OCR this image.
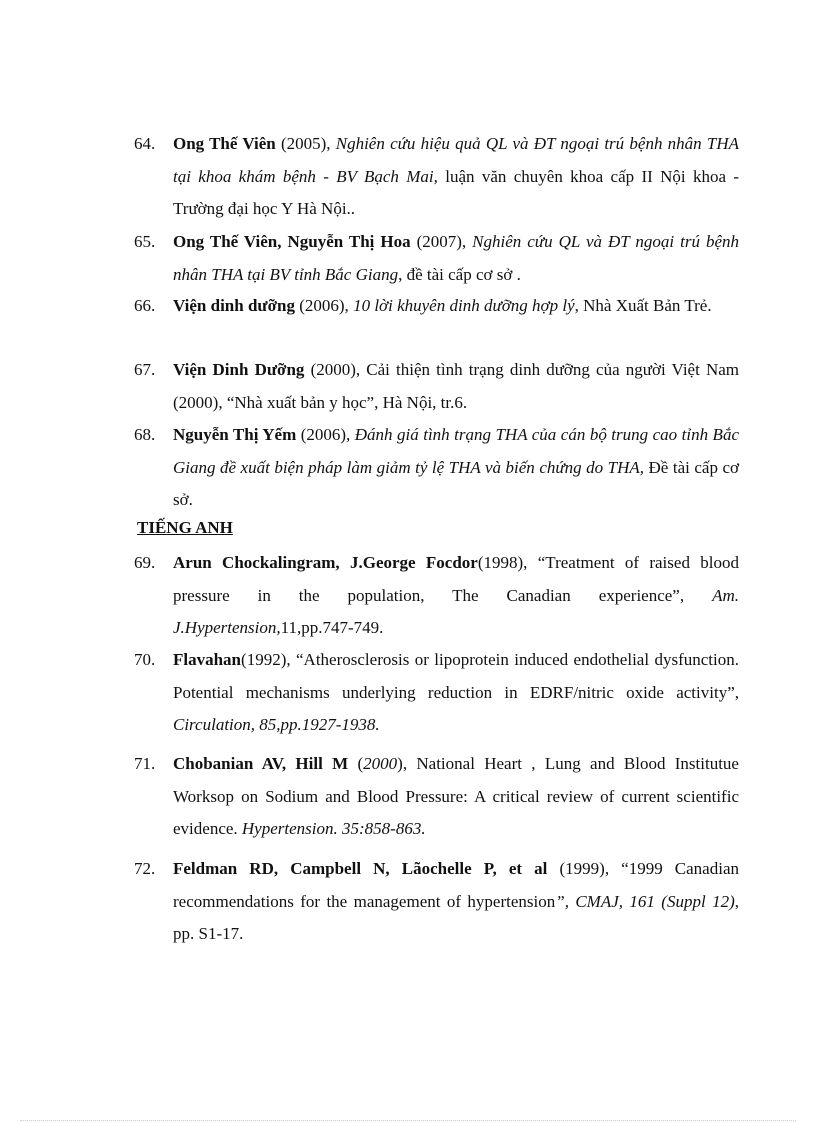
64.	Ong Thế Viên (2005), Nghiên cứu hiệu quả QL và ĐT ngoại trú bệnh nhân THA tại khoa khám bệnh - BV Bạch Mai, luận văn chuyên khoa cấp II Nội khoa - Trường đại học Y Hà Nội..
65.	Ong Thế Viên, Nguyễn Thị Hoa (2007), Nghiên cứu QL và ĐT ngoại trú bệnh nhân THA tại BV tỉnh Bắc Giang, đề tài cấp cơ sở .
66.	Viện dinh dưỡng (2006), 10 lời khuyên dinh dưỡng hợp lý, Nhà Xuất Bản Trẻ.
67.	Viện Dinh Dưỡng (2000), Cải thiện tình trạng dinh dưỡng của người Việt Nam (2000), “Nhà xuất bản y học”, Hà Nội, tr.6.
68.	Nguyễn Thị Yếm (2006), Đánh giá tình trạng THA của cán bộ trung cao tỉnh Bắc Giang đề xuất biện pháp làm giảm tỷ lệ THA và biến chứng do THA, Đề tài cấp cơ sở.
TIẾNG ANH
69.	Arun Chockalingram, J.George Focdor(1998), “Treatment of raised blood pressure in the population, The Canadian experience”, Am. J.Hypertension,11,pp.747-749.
70.	Flavahan(1992), “Atherosclerosis or lipoprotein induced endothelial dysfunction. Potential mechanisms underlying reduction in EDRF/nitric oxide activity”, Circulation, 85,pp.1927-1938.
71.	Chobanian AV, Hill M (2000), National Heart , Lung and Blood Institutue Worksop on Sodium and Blood Pressure: A critical review of current scientific evidence. Hypertension. 35:858-863.
72.	Feldman RD, Campbell N, Lãochelle P, et al (1999), “1999 Canadian recommendations for the management of hypertension”, CMAJ, 161 (Suppl 12), pp. S1-17.
